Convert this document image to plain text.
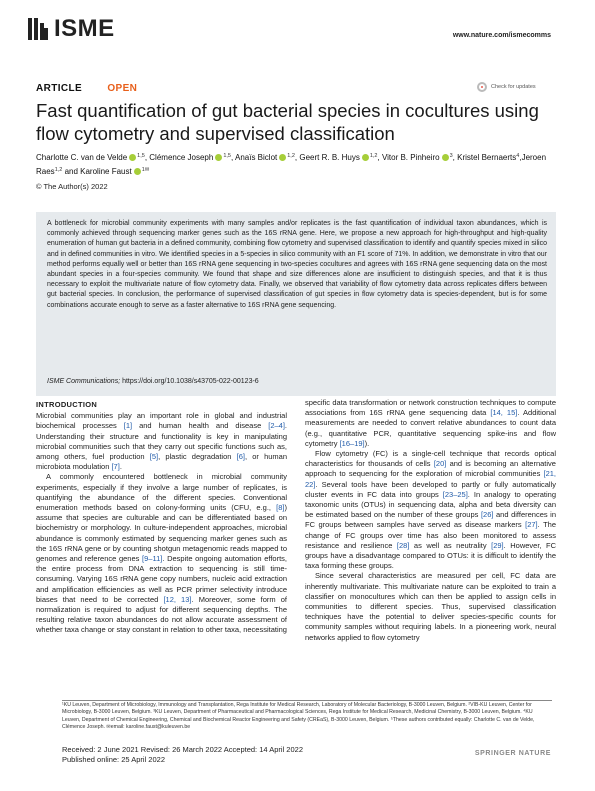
ISME	www.nature.com/ismecomms
ARTICLE	OPEN	Check for updates
Fast quantification of gut bacterial species in cocultures using flow cytometry and supervised classification
Charlotte C. van de Velde $^{1,5}$, Clémence Joseph $^{1,5}$, Anaïs Biclot $^{1,2}$, Geert R. B. Huys $^{1,2}$, Vitor B. Pinheiro $^3$, Kristel Bernaerts$^4$,Jeroen Raes$^{1,2}$ and Karoline Faust $^{1✉}$
© The Author(s) 2022
A bottleneck for microbial community experiments with many samples and/or replicates is the fast quantification of individual taxon abundances, which is commonly achieved through sequencing marker genes such as the 16S rRNA gene. Here, we propose a new approach for high-throughput and high-quality enumeration of human gut bacteria in a defined community, combining flow cytometry and supervised classification to identify and quantify species mixed in silico and in defined communities in vitro. We identified species in a 5-species in silico community with an F1 score of 71%. In addition, we demonstrate in vitro that our method performs equally well or better than 16S rRNA gene sequencing in two-species cocultures and agrees with 16S rRNA gene sequencing data on the most abundant species in a four-species community. We found that shape and size differences alone are insufficient to distinguish species, and that it is thus necessary to exploit the multivariate nature of flow cytometry data. Finally, we observed that variability of flow cytometry data across replicates differs between gut bacterial species. In conclusion, the performance of supervised classification of gut species in flow cytometry data is species-dependent, but is for some combinations accurate enough to serve as a faster alternative to 16S rRNA gene sequencing.
ISME Communications; https://doi.org/10.1038/s43705-022-00123-6
INTRODUCTION

Microbial communities play an important role in global and industrial biochemical processes [1] and human health and disease [2–4]. Understanding their structure and functionality is key in manipulating microbial communities such that they carry out specific functions such as, among others, fuel production [5], plastic degradation [6], or human microbiota modulation [7].

A commonly encountered bottleneck in microbial community experiments, especially if they involve a large number of replicates, is quantifying the abundance of the different species. Conventional enumeration methods based on colony-forming units (CFU, e.g., [8]) assume that species are culturable and can be differentiated based on biochemistry or morphology. In culture-independent approaches, microbial abundance is commonly estimated by sequencing marker genes such as the 16S rRNA gene or by counting shotgun metagenomic reads mapped to genomes and reference genes [9–11]. Despite ongoing automation efforts, the entire process from DNA extraction to sequencing is still time-consuming. Varying 16S rRNA gene copy numbers, nucleic acid extraction and amplification efficiencies as well as PCR primer selectivity introduce biases that need to be corrected [12, 13]. Moreover, some form of normalization is required to adjust for different sequencing depths. The resulting relative taxon abundances do not allow accurate assessment of whether taxa change or stay constant in relation to other taxa, necessitating

specific data transformation or network construction techniques to compute associations from 16S rRNA gene sequencing data [14, 15]. Additional measurements are needed to convert relative abundances to count data (e.g., quantitative PCR, quantitative sequencing spike-ins and flow cytometry [16–19]).

Flow cytometry (FC) is a single-cell technique that records optical characteristics for thousands of cells [20] and is becoming an alternative approach to sequencing for the exploration of microbial communities [21, 22]. Several tools have been developed to partly or fully automatically cluster events in FC data into groups [23–25]. In analogy to operating taxonomic units (OTUs) in sequencing data, alpha and beta diversity can be estimated based on the number of these groups [26] and differences in FC groups between samples have served as disease markers [27]. The change of FC groups over time has also been monitored to assess resistance and resilience [28] as well as neutrality [29]. However, FC groups have a disadvantage compared to OTUs: it is difficult to identify the taxa forming these groups.

Since several characteristics are measured per cell, FC data are inherently multivariate. This multivariate nature can be exploited to train a classifier on monocultures which can then be applied to assign cells in communities to different species. Thus, supervised classification techniques have the potential to deliver species-specific counts for community samples without requiring labels. In a pioneering work, neural networks applied to flow cytometry

¹KU Leuven, Department of Microbiology, Immunology and Transplantation, Rega Institute for Medical Research, Laboratory of Molecular Bacteriology, B-3000 Leuven, Belgium. ²VIB-KU Leuven, Center for Microbiology, B-3000 Leuven, Belgium. ³KU Leuven, Department of Pharmaceutical and Pharmacological Sciences, Rega Institute for Medical Research, Medicinal Chemistry, B-3000 Leuven, Belgium. ⁴KU Leuven, Department of Chemical Engineering, Chemical and Biochemical Reactor Engineering and Safety (CREaS), B-3000 Leuven, Belgium. ⁵These authors contributed equally: Charlotte C. van de Velde, Clémence Joseph. ✉email: karoline.faust@kuleuven.be
Received: 2 June 2021 Revised: 26 March 2022 Accepted: 14 April 2022
Published online: 25 April 2022
SPRINGER NATURE
